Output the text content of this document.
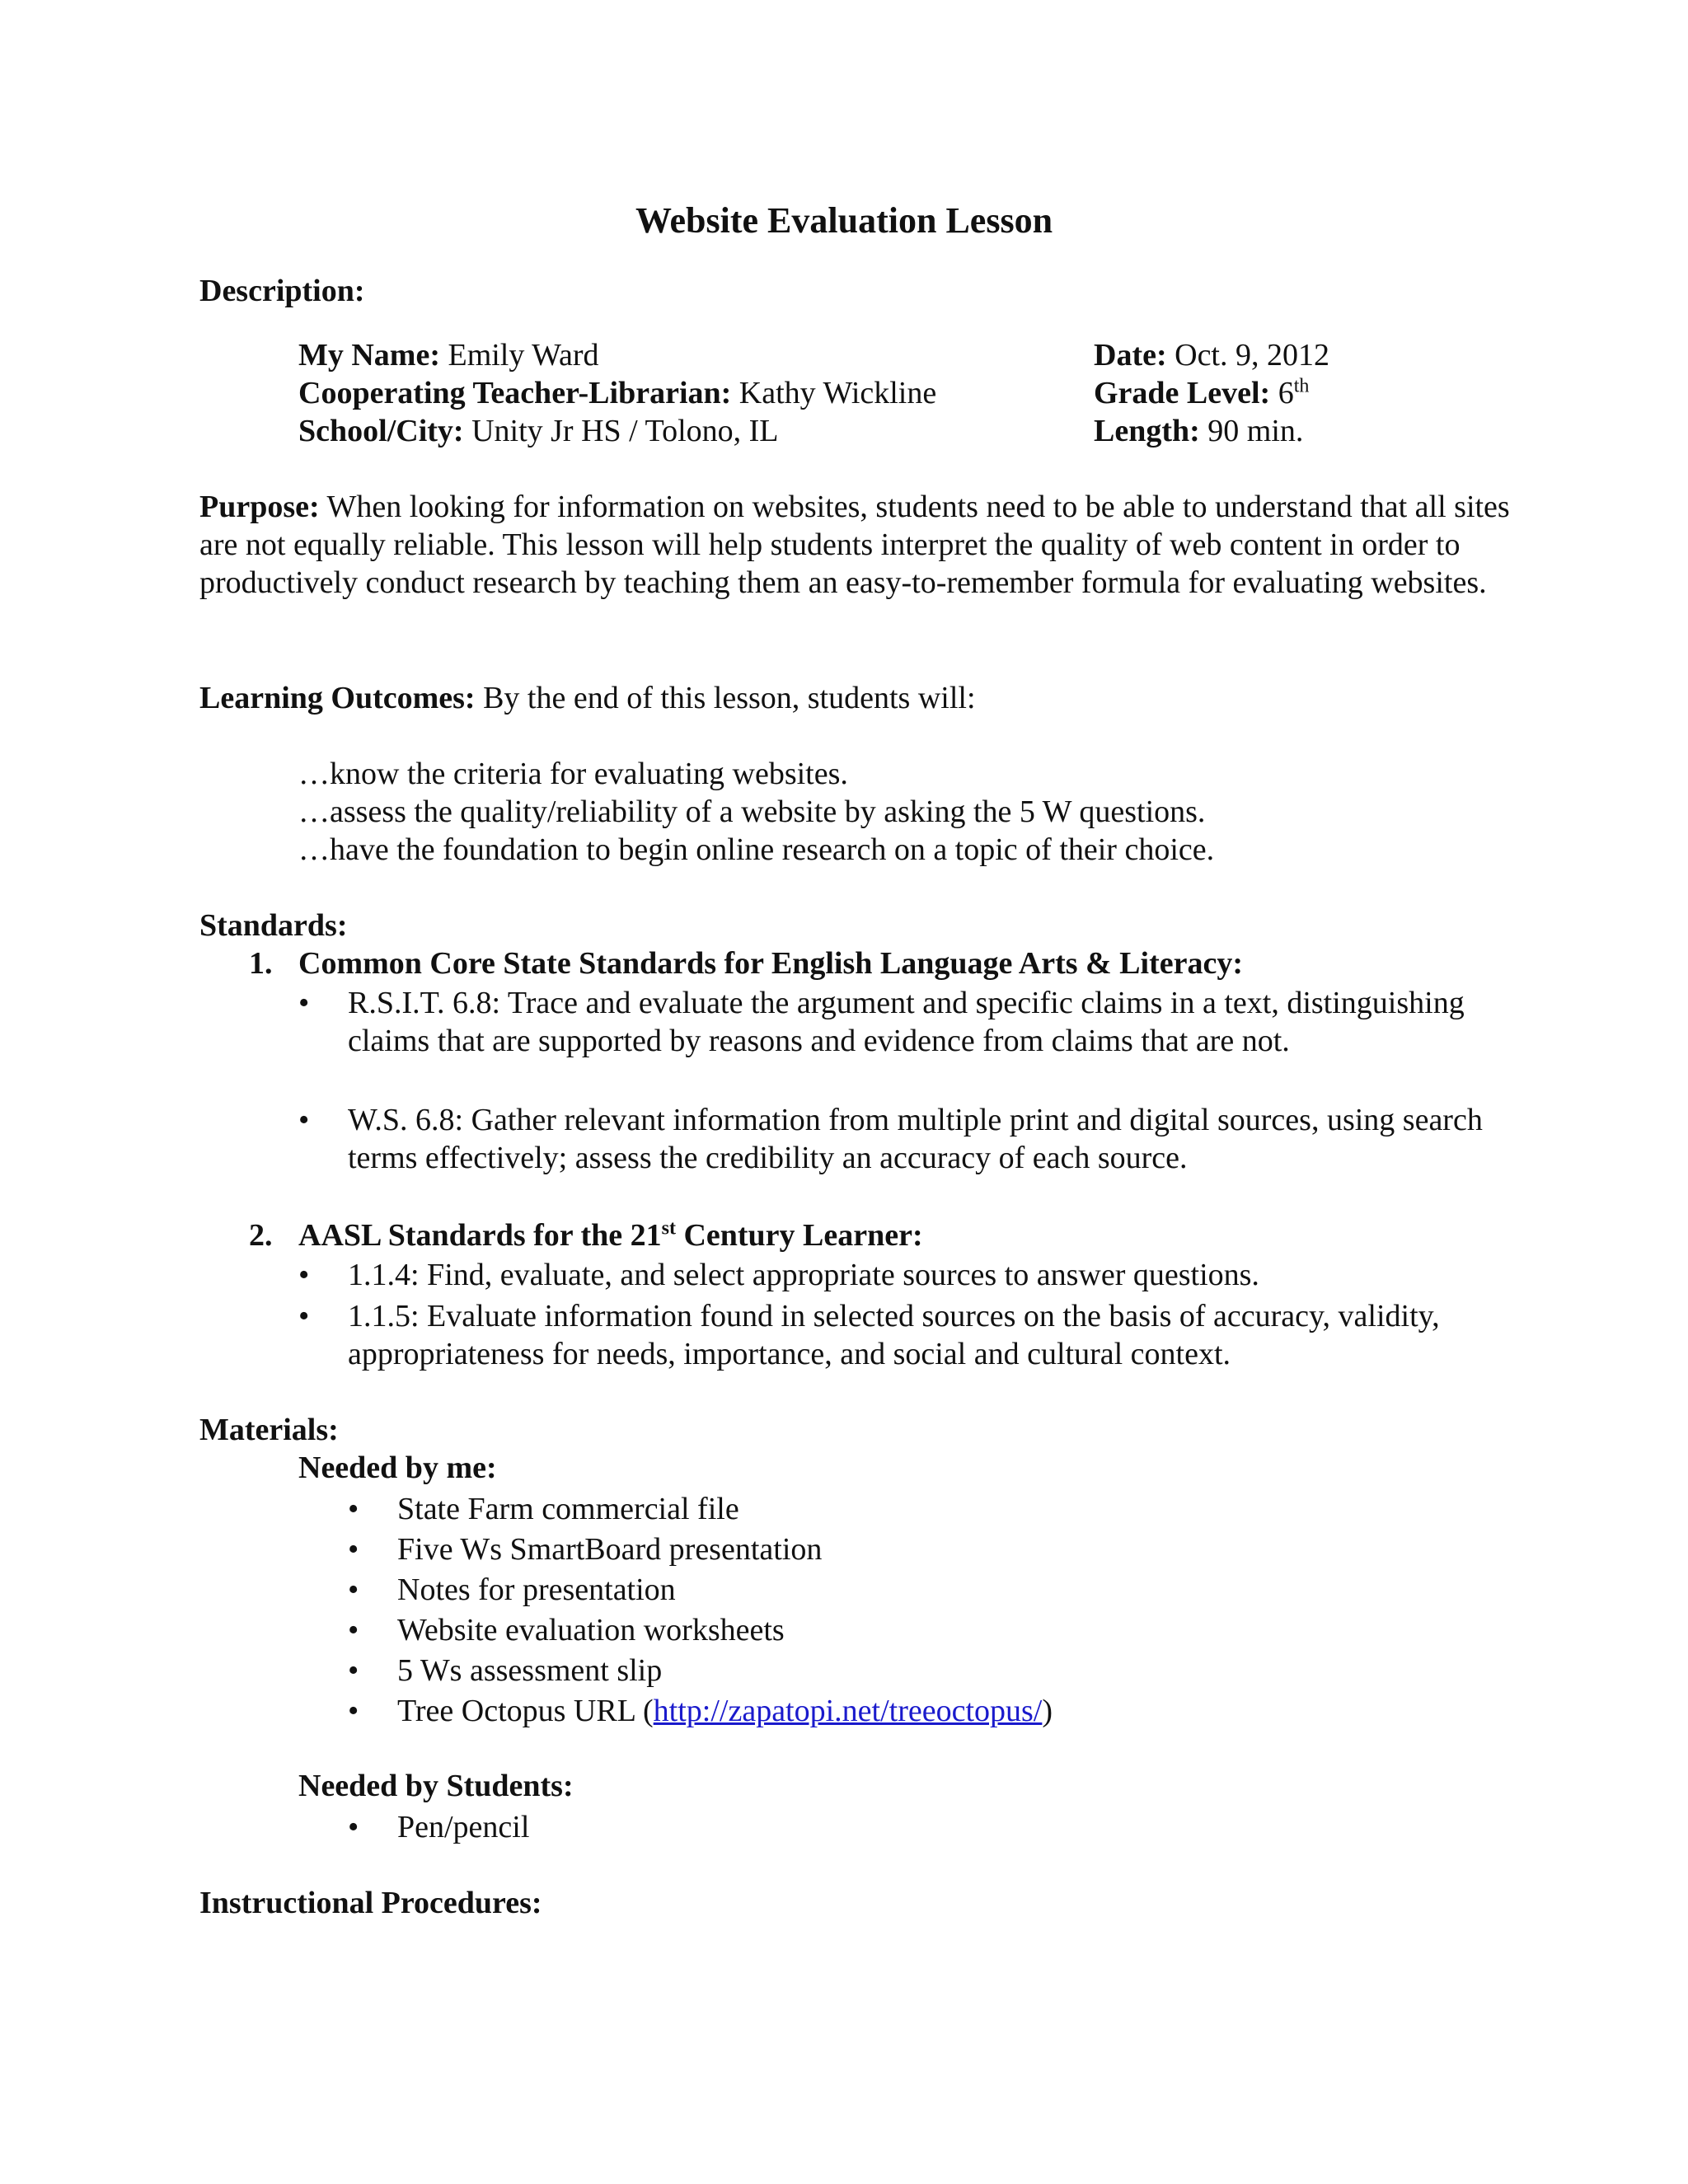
Website Evaluation Lesson
Description:
My Name: Emily Ward
Cooperating Teacher-Librarian: Kathy Wickline
School/City: Unity Jr HS / Tolono, IL
Date: Oct. 9, 2012
Grade Level: 6th
Length: 90 min.
Purpose: When looking for information on websites, students need to be able to understand that all sites are not equally reliable. This lesson will help students interpret the quality of web content in order to productively conduct research by teaching them an easy-to-remember formula for evaluating websites.
Learning Outcomes: By the end of this lesson, students will:
…know the criteria for evaluating websites.
…assess the quality/reliability of a website by asking the 5 W questions.
…have the foundation to begin online research on a topic of their choice.
Standards:
1. Common Core State Standards for English Language Arts & Literacy:
• R.S.I.T. 6.8: Trace and evaluate the argument and specific claims in a text, distinguishing claims that are supported by reasons and evidence from claims that are not.
• W.S. 6.8: Gather relevant information from multiple print and digital sources, using search terms effectively; assess the credibility an accuracy of each source.
2. AASL Standards for the 21st Century Learner:
• 1.1.4: Find, evaluate, and select appropriate sources to answer questions.
• 1.1.5: Evaluate information found in selected sources on the basis of accuracy, validity, appropriateness for needs, importance, and social and cultural context.
Materials:
Needed by me:
• State Farm commercial file
• Five Ws SmartBoard presentation
• Notes for presentation
• Website evaluation worksheets
• 5 Ws assessment slip
• Tree Octopus URL (http://zapatopi.net/treeoctopus/)
Needed by Students:
• Pen/pencil
Instructional Procedures:
